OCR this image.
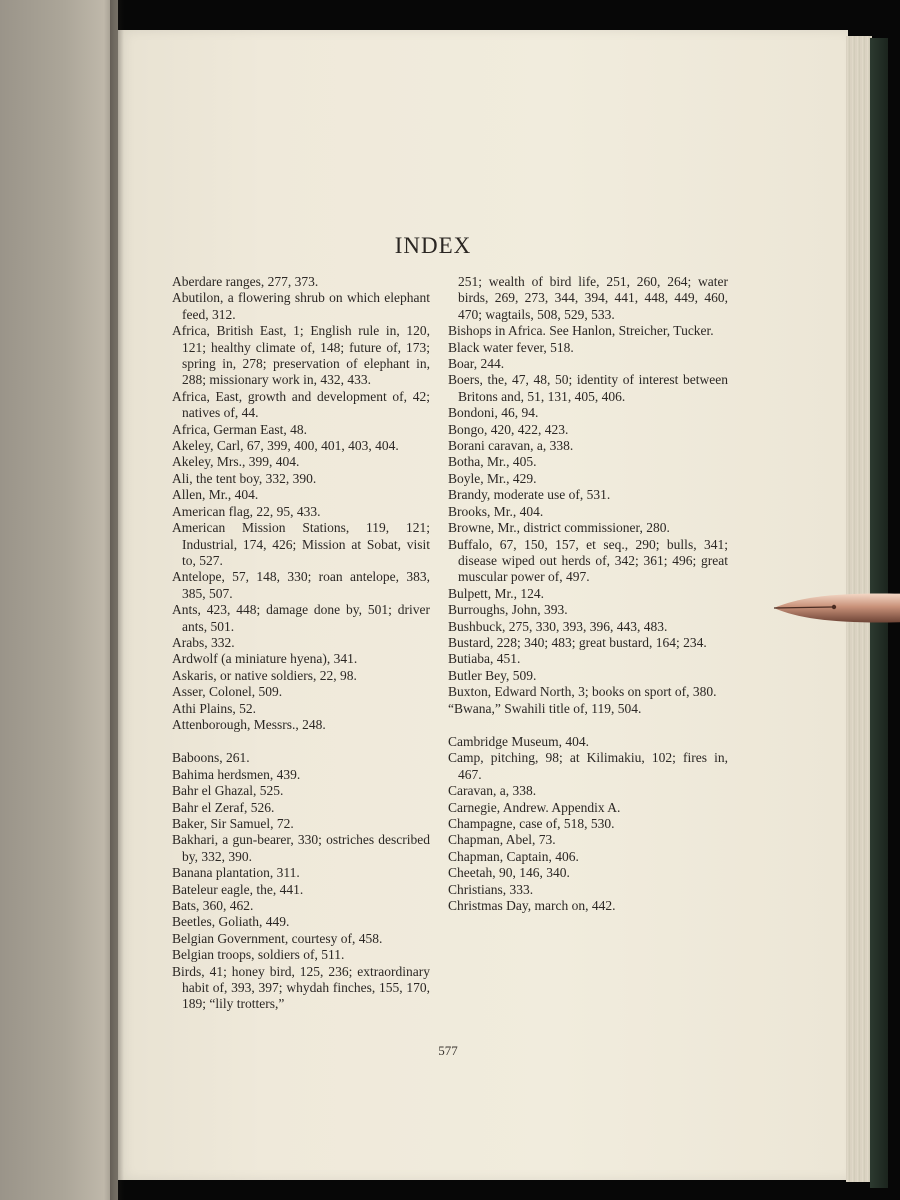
INDEX
Aberdare ranges, 277, 373.
Abutilon, a flowering shrub on which elephant feed, 312.
Africa, British East, 1; English rule in, 120, 121; healthy climate of, 148; future of, 173; spring in, 278; preservation of elephant in, 288; missionary work in, 432, 433.
Africa, East, growth and development of, 42; natives of, 44.
Africa, German East, 48.
Akeley, Carl, 67, 399, 400, 401, 403, 404.
Akeley, Mrs., 399, 404.
Ali, the tent boy, 332, 390.
Allen, Mr., 404.
American flag, 22, 95, 433.
American Mission Stations, 119, 121; Industrial, 174, 426; Mission at Sobat, visit to, 527.
Antelope, 57, 148, 330; roan antelope, 383, 385, 507.
Ants, 423, 448; damage done by, 501; driver ants, 501.
Arabs, 332.
Ardwolf (a miniature hyena), 341.
Askaris, or native soldiers, 22, 98.
Asser, Colonel, 509.
Athi Plains, 52.
Attenborough, Messrs., 248.
Baboons, 261.
Bahima herdsmen, 439.
Bahr el Ghazal, 525.
Bahr el Zeraf, 526.
Baker, Sir Samuel, 72.
Bakhari, a gun-bearer, 330; ostriches described by, 332, 390.
Banana plantation, 311.
Bateleur eagle, the, 441.
Bats, 360, 462.
Beetles, Goliath, 449.
Belgian Government, courtesy of, 458.
Belgian troops, soldiers of, 511.
Birds, 41; honey bird, 125, 236; extraordinary habit of, 393, 397; whydah finches, 155, 170, 189; “lily trotters,”
251; wealth of bird life, 251, 260, 264; water birds, 269, 273, 344, 394, 441, 448, 449, 460, 470; wagtails, 508, 529, 533.
Bishops in Africa. See Hanlon, Streicher, Tucker.
Black water fever, 518.
Boar, 244.
Boers, the, 47, 48, 50; identity of interest between Britons and, 51, 131, 405, 406.
Bondoni, 46, 94.
Bongo, 420, 422, 423.
Borani caravan, a, 338.
Botha, Mr., 405.
Boyle, Mr., 429.
Brandy, moderate use of, 531.
Brooks, Mr., 404.
Browne, Mr., district commissioner, 280.
Buffalo, 67, 150, 157, et seq., 290; bulls, 341; disease wiped out herds of, 342; 361; 496; great muscular power of, 497.
Bulpett, Mr., 124.
Burroughs, John, 393.
Bushbuck, 275, 330, 393, 396, 443, 483.
Bustard, 228; 340; 483; great bustard, 164; 234.
Butiaba, 451.
Butler Bey, 509.
Buxton, Edward North, 3; books on sport of, 380.
“Bwana,” Swahili title of, 119, 504.
Cambridge Museum, 404.
Camp, pitching, 98; at Kilimakiu, 102; fires in, 467.
Caravan, a, 338.
Carnegie, Andrew. Appendix A.
Champagne, case of, 518, 530.
Chapman, Abel, 73.
Chapman, Captain, 406.
Cheetah, 90, 146, 340.
Christians, 333.
Christmas Day, march on, 442.
577
